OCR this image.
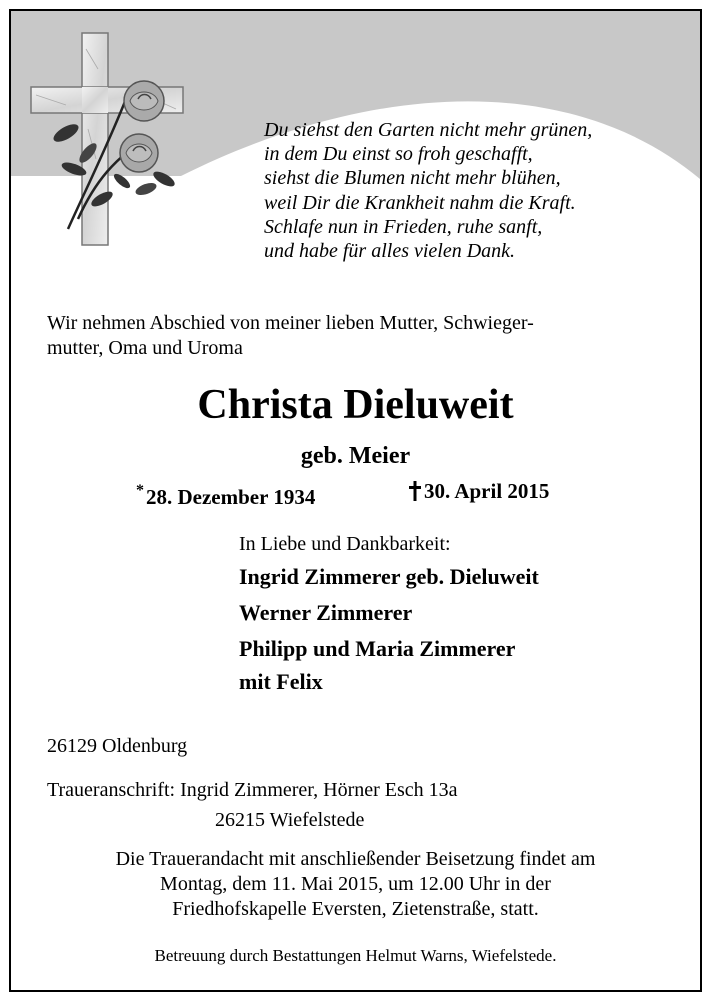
Du siehst den Garten nicht mehr grünen,
in dem Du einst so froh geschafft,
siehst die Blumen nicht mehr blühen,
weil Dir die Krankheit nahm die Kraft.
Schlafe nun in Frieden, ruhe sanft,
und habe für alles vielen Dank.
Wir nehmen Abschied von meiner lieben Mutter, Schwieger-
mutter, Oma und Uroma
Christa Dieluweit
geb. Meier
*28. Dezember 1934	30. April 2015
In Liebe und Dankbarkeit:
Ingrid Zimmerer geb. Dieluweit
Werner Zimmerer
Philipp und Maria Zimmerer
mit Felix
26129 Oldenburg
Traueranschrift: Ingrid Zimmerer, Hörner Esch 13a
26215 Wiefelstede
Die Trauerandacht mit anschließender Beisetzung findet am
Montag, dem 11. Mai 2015, um 12.00 Uhr in der
Friedhofskapelle Eversten, Zietenstraße, statt.
Betreuung durch Bestattungen Helmut Warns, Wiefelstede.
